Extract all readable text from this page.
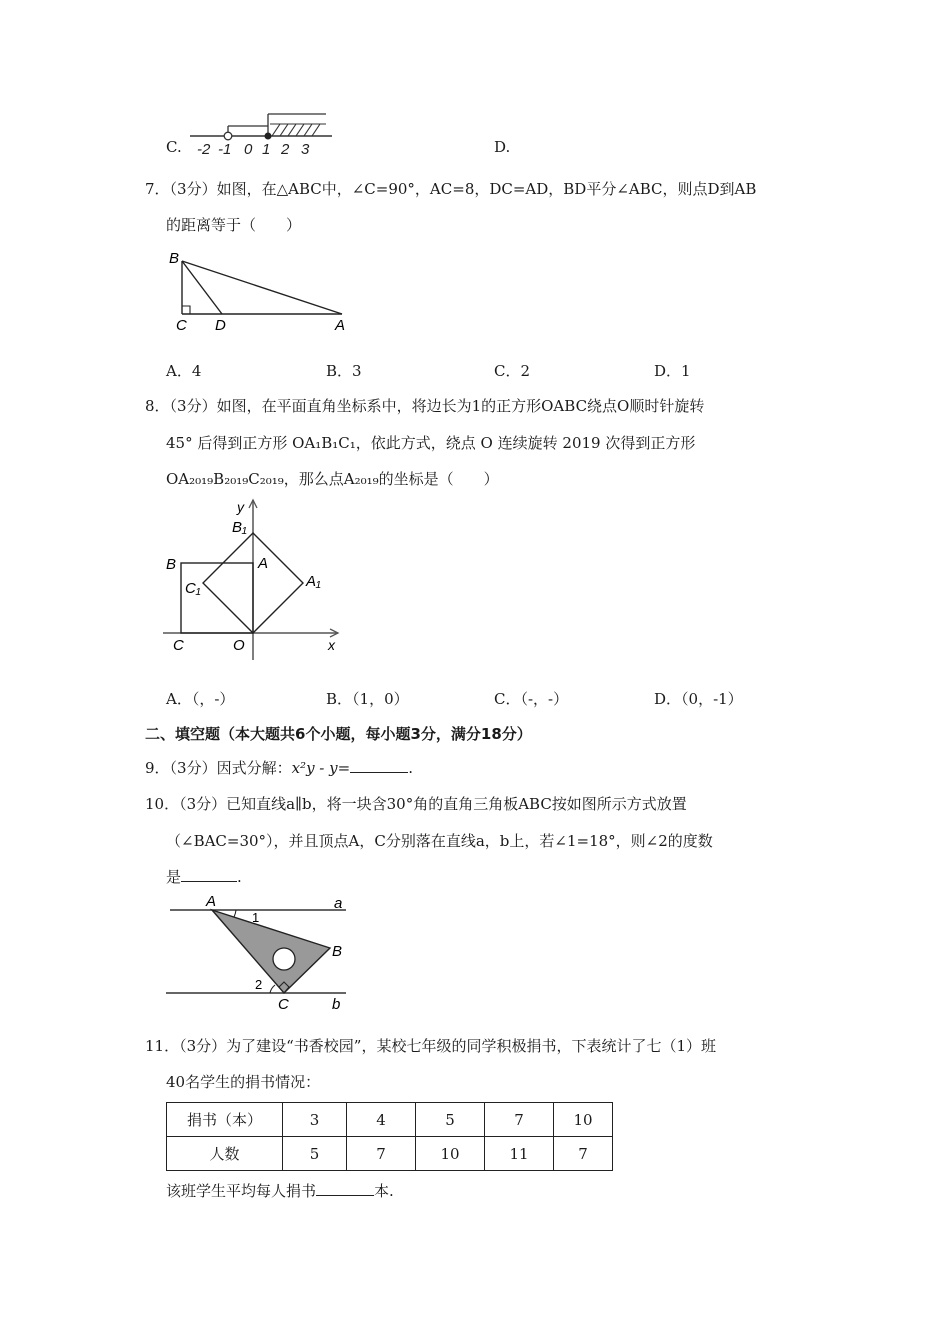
C. -2 -1 0 1 2 3	D.
7．（3分）如图，在△ABC中，∠C=90°，AC=8，DC=AD，BD平分∠ABC，则点D到AB
的距离等于（　　）
B
C D	A
A．4	B．3	C．2	D．1
8．（3分）如图，在平面直角坐标系中，将边长为1的正方形OABC绕点O顺时针旋转
45° 后得到正方形 OA₁B₁C₁，依此方式，绕点 O 连续旋转 2019 次得到正方形
OA₂₀₁₉B₂₀₁₉C₂₀₁₉，那么点A₂₀₁₉的坐标是（　　）
y
x
B₁
B	A
C₁	A₁
C	O
A．（，-）	B．（1，0）	C．（-，-）	D．（0，-1）
二、填空题（本大题共6个小题，每小题3分，满分18分）
9．（3分）因式分解：x²y - y=	.
10．（3分）已知直线a∥b，将一块含30°角的直角三角板ABC按如图所示方式放置
（∠BAC=30°），并且顶点A，C分别落在直线a，b上，若∠1=18°，则∠2的度数
是	.
A
1
a
B
2
C	b
11．（3分）为了建设“书香校园”，某校七年级的同学积极捐书，下表统计了七（1）班
40名学生的捐书情况：
捐书（本）	3	4	5	7	10
人数	5	7	10	11	7
该班学生平均每人捐书	本.
